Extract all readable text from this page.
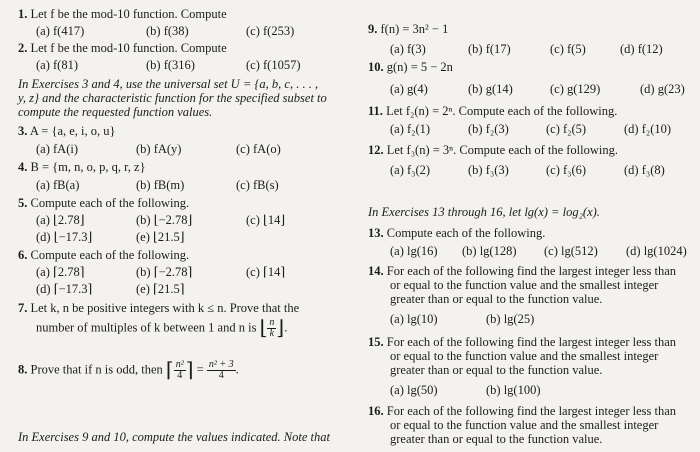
1. Let f be the mod-10 function. Compute
(a) f(417)	(b) f(38)	(c) f(253)
2. Let f be the mod-10 function. Compute
(a) f(81)	(b) f(316)	(c) f(1057)
In Exercises 3 and 4, use the universal set U = {a, b, c, . . . ,
y, z} and the characteristic function for the specified subset to
compute the requested function values.
3. A = {a, e, i, o, u}
(a) fA(i)	(b) fA(y)	(c) fA(o)
4. B = {m, n, o, p, q, r, z}
(a) fB(a)	(b) fB(m)	(c) fB(s)
5. Compute each of the following.
(a) ⌊2.78⌋	(b) ⌊−2.78⌋	(c) ⌊14⌋
(d) ⌊−17.3⌋	(e) ⌊21.5⌋
6. Compute each of the following.
(a) ⌈2.78⌉	(b) ⌈−2.78⌉	(c) ⌈14⌉
(d) ⌈−17.3⌉	(e) ⌈21.5⌉
7. Let k, n be positive integers with k ≤ n. Prove that the
number of multiples of k between 1 and n is ⌊ $\frac{n}{k}$ ⌋.
8. Prove that if n is odd, then ⌈ $\frac{\text{n²}}{4}$ ⌉ = $\frac{\text{n² + 3}}{4}$ .
In Exercises 9 and 10, compute the values indicated. Note that
9. f(n) = 3n² − 1
(a) f(3)	(b) f(17)	(c) f(5)	(d) f(12)
10. g(n) = 5 − 2n
(a) g(4)	(b) g(14)	(c) g(129)	(d) g(23)
11. Let f₂(n) = 2ⁿ. Compute each of the following.
(a) f₂(1)	(b) f₂(3)	(c) f₂(5)	(d) f₂(10)
12. Let f₃(n) = 3ⁿ. Compute each of the following.
(a) f₃(2)	(b) f₃(3)	(c) f₃(6)	(d) f₃(8)
In Exercises 13 through 16, let lg(x) = log₂(x).
13. Compute each of the following.
(a) lg(16) (b) lg(128) (c) lg(512) (d) lg(1024)
14. For each of the following find the largest integer less than
or equal to the function value and the smallest integer
greater than or equal to the function value.
(a) lg(10)	(b) lg(25)
15. For each of the following find the largest integer less than
or equal to the function value and the smallest integer
greater than or equal to the function value.
(a) lg(50)	(b) lg(100)
16. For each of the following find the largest integer less than
or equal to the function value and the smallest integer
greater than or equal to the function value.
